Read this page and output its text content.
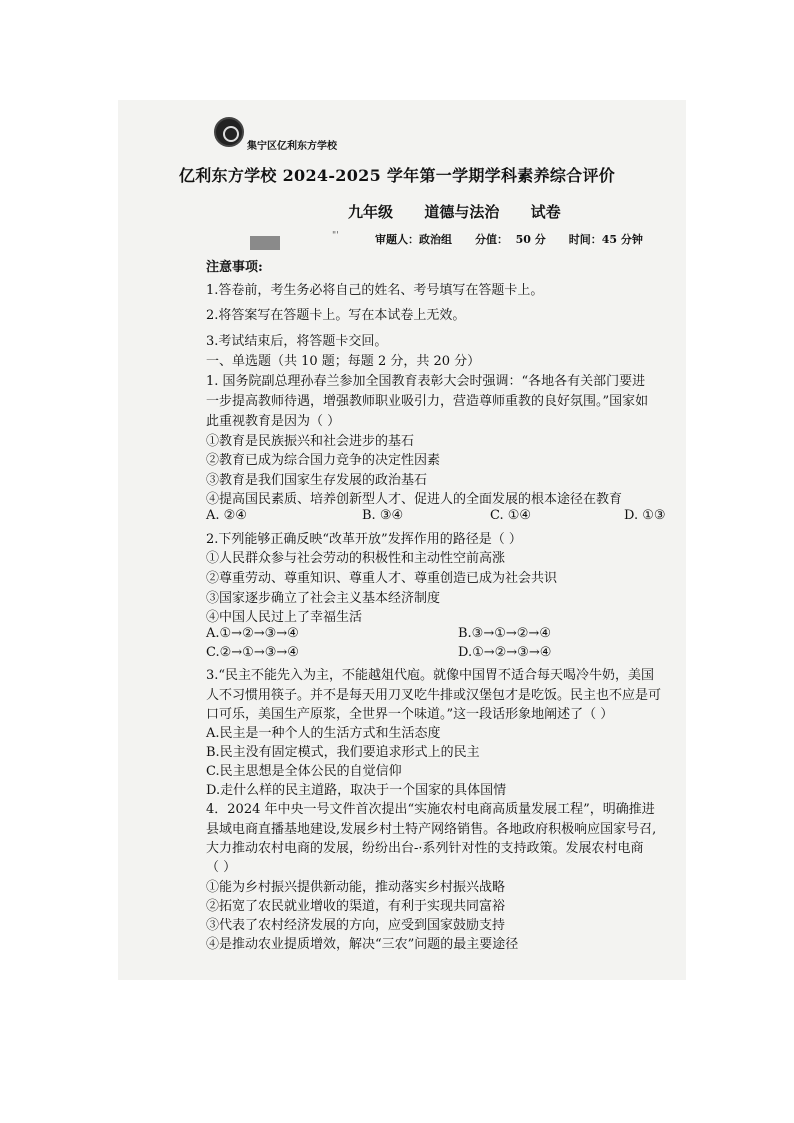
集宁区亿利东方学校
亿利东方学校 2024-2025 学年第一学期学科素养综合评价
九年级      道德与法治      试卷
"'	审题人：政治组      分值：  50 分      时间：45 分钟
注意事项:
1.答卷前，考生务必将自己的姓名、考号填写在答题卡上。
2.将答案写在答题卡上。写在本试卷上无效。
3.考试结束后，将答题卡交回。
一、单选题（共 10 题；每题 2 分，共 20 分）
1. 国务院副总理孙春兰参加全国教育表彰大会时强调：“各地各有关部门要进
一步提高教师待遇，增强教师职业吸引力，营造尊师重教的良好氛围。”国家如
此重视教育是因为（ ）
①教育是民族振兴和社会进步的基石
②教育已成为综合国力竞争的决定性因素
③教育是我们国家生存发展的政治基石
④提高国民素质、培养创新型人才、促进人的全面发展的根本途径在教育
A. ②④	B. ③④	C. ①④	D. ①③
2.下列能够正确反映“改革开放”发挥作用的路径是（ ）
①人民群众参与社会劳动的积极性和主动性空前高涨
②尊重劳动、尊重知识、尊重人才、尊重创造已成为社会共识
③国家逐步确立了社会主义基本经济制度
④中国人民过上了幸福生活
A.①→②→③→④	B.③→①→②→④
C.②→①→③→④	D.①→②→③→④
3.“民主不能先入为主，不能越俎代庖。就像中国胃不适合每天喝冷牛奶，美国
人不习惯用筷子。并不是每天用刀叉吃牛排或汉堡包才是吃饭。民主也不应是可
口可乐，美国生产原浆，全世界一个味道。”这一段话形象地阐述了（ ）
A.民主是一种个人的生活方式和生活态度
B.民主没有固定模式，我们要追求形式上的民主
C.民主思想是全体公民的自觉信仰
D.走什么样的民主道路，取决于一个国家的具体国情
4．2024 年中央一号文件首次提出“实施农村电商高质量发展工程”，明确推进
县域电商直播基地建设,发展乡村土特产网络销售。各地政府积极响应国家号召,
大力推动农村电商的发展，纷纷出台-·系列针对性的支持政策。发展农村电商
（ ）
①能为乡村振兴提供新动能，推动落实乡村振兴战略
②拓宽了农民就业增收的渠道，有利于实现共同富裕
③代表了农村经济发展的方向，应受到国家鼓励支持
④是推动农业提质增效，解决“三农”问题的最主要途径
